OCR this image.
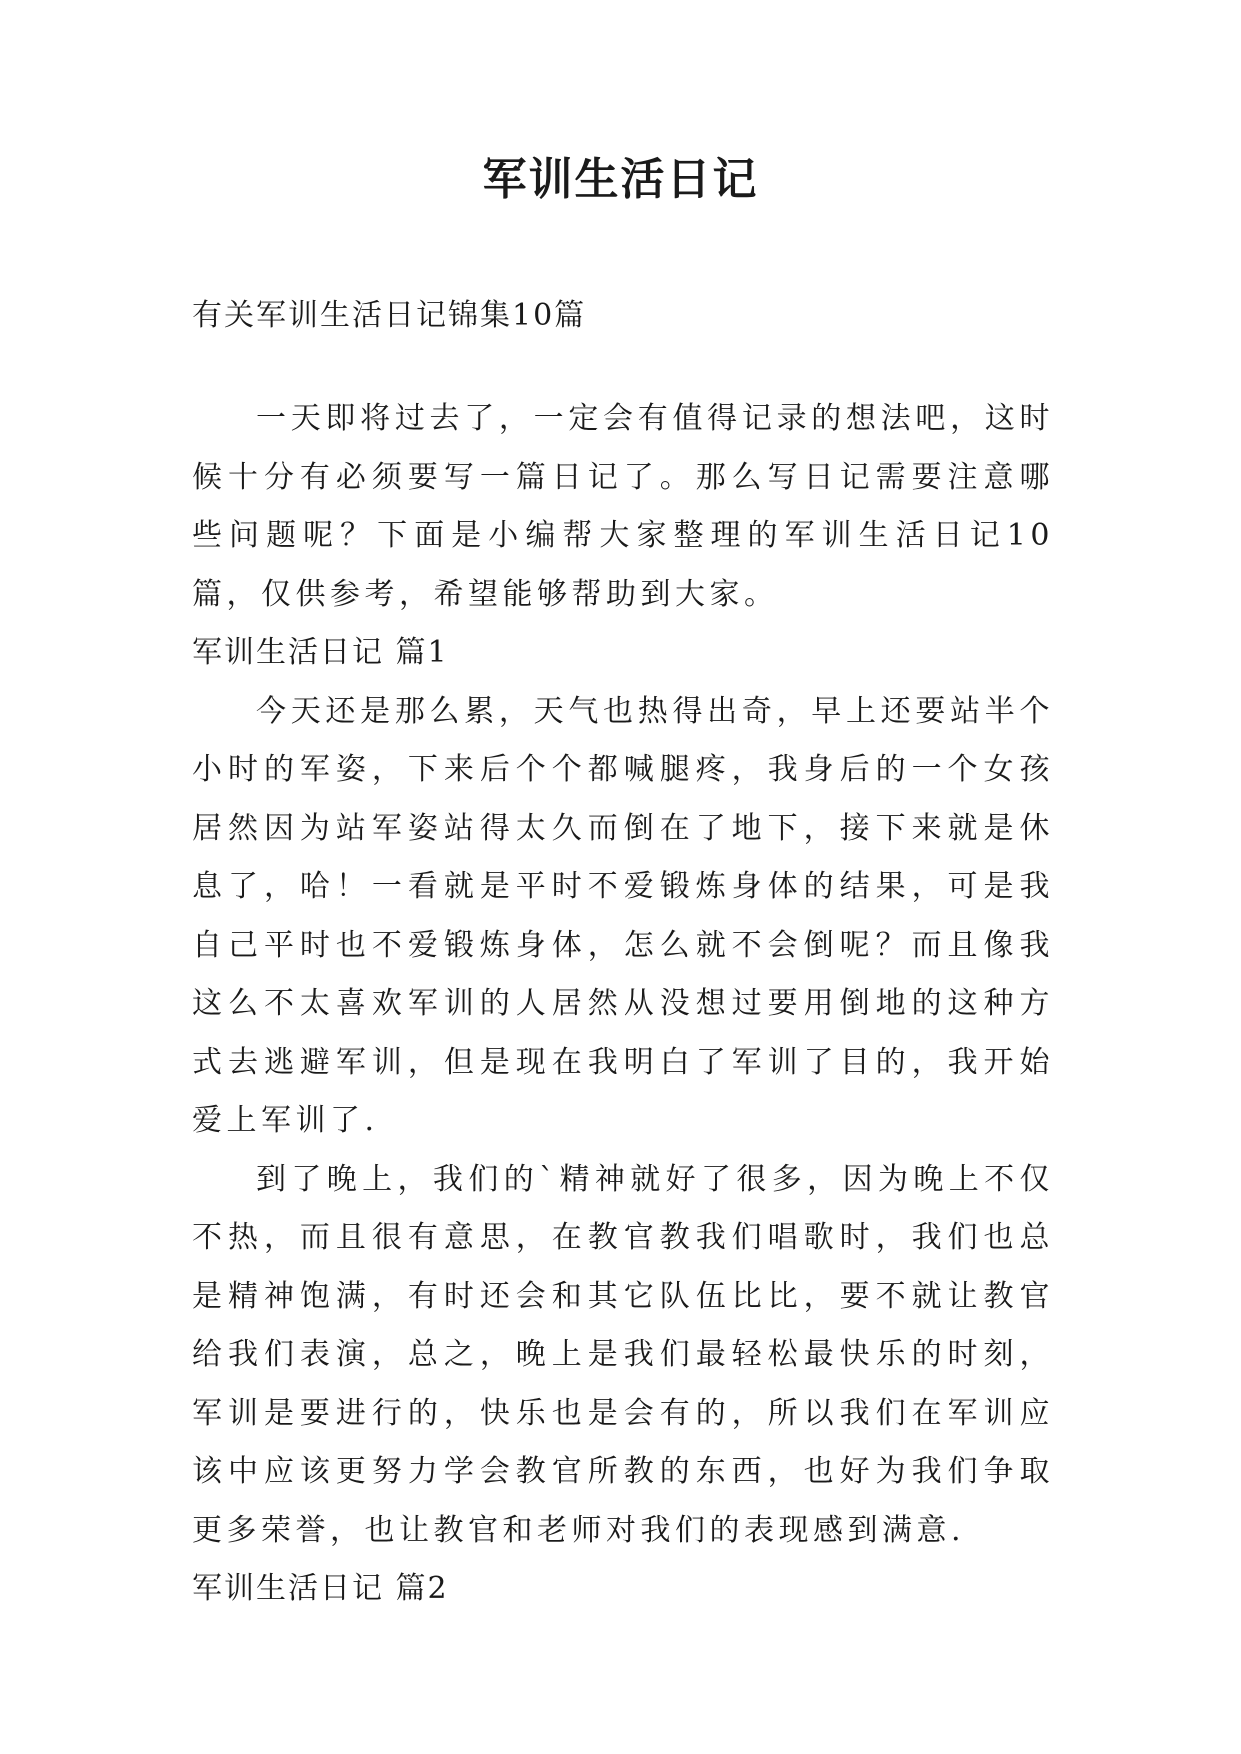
军训生活日记

有关军训生活日记锦集10篇

一天即将过去了，一定会有值得记录的想法吧，这时候十分有必须要写一篇日记了。那么写日记需要注意哪些问题呢？下面是小编帮大家整理的军训生活日记10篇，仅供参考，希望能够帮助到大家。

军训生活日记 篇1

今天还是那么累，天气也热得出奇，早上还要站半个小时的军姿，下来后个个都喊腿疼，我身后的一个女孩居然因为站军姿站得太久而倒在了地下，接下来就是休息了，哈！一看就是平时不爱锻炼身体的结果，可是我自己平时也不爱锻炼身体，怎么就不会倒呢？而且像我这么不太喜欢军训的人居然从没想过要用倒地的这种方式去逃避军训，但是现在我明白了军训了目的，我开始爱上军训了.

到了晚上，我们的`精神就好了很多，因为晚上不仅不热，而且很有意思，在教官教我们唱歌时，我们也总是精神饱满，有时还会和其它队伍比比，要不就让教官给我们表演，总之，晚上是我们最轻松最快乐的时刻，军训是要进行的，快乐也是会有的，所以我们在军训应该中应该更努力学会教官所教的东西，也好为我们争取更多荣誉，也让教官和老师对我们的表现感到满意.

军训生活日记 篇2
